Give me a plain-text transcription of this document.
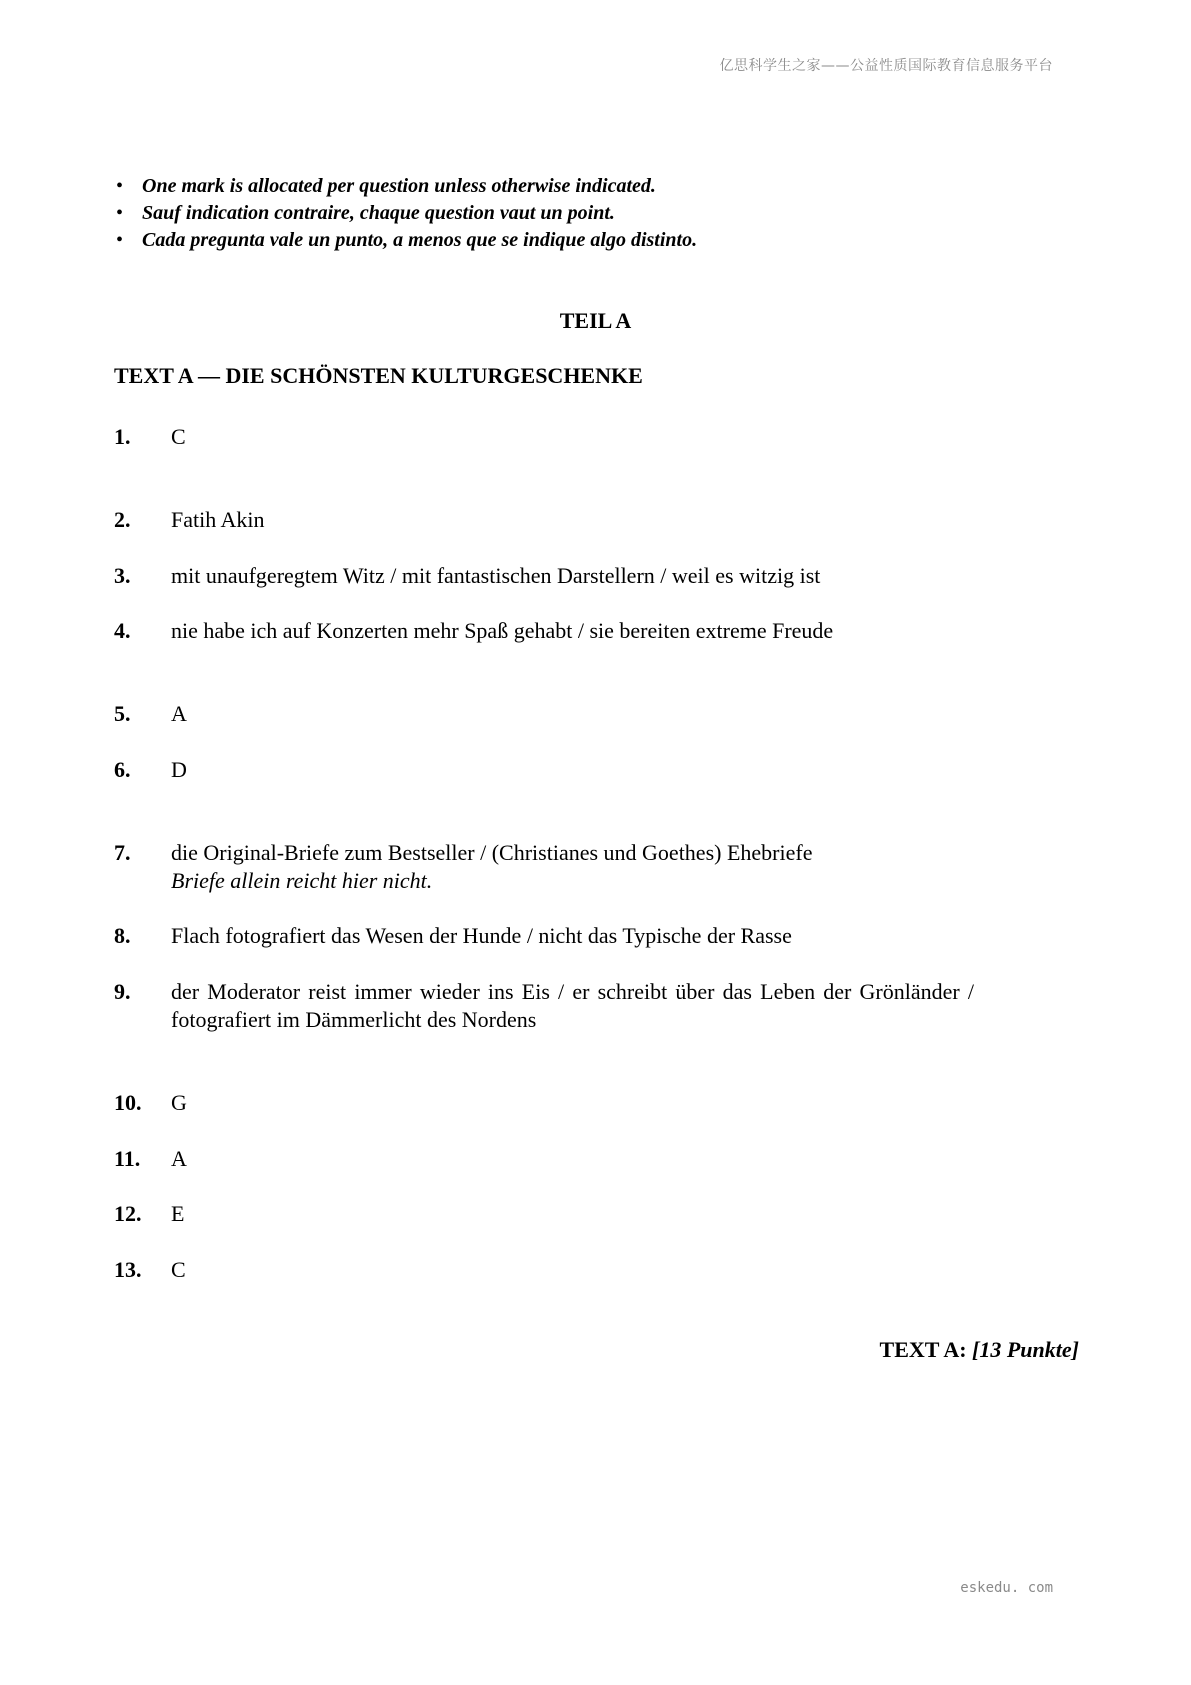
亿思科学生之家——公益性质国际教育信息服务平台
• One mark is allocated per question unless otherwise indicated.
• Sauf indication contraire, chaque question vaut un point.
• Cada pregunta vale un punto, a menos que se indique algo distinto.
TEIL A
TEXT A — DIE SCHÖNSTEN KULTURGESCHENKE
1. C
2. Fatih Akin
3. mit unaufgeregtem Witz / mit fantastischen Darstellern / weil es witzig ist
4. nie habe ich auf Konzerten mehr Spaß gehabt / sie bereiten extreme Freude
5. A
6. D
7. die Original-Briefe zum Bestseller / (Christianes und Goethes) Ehebriefe
Briefe allein reicht hier nicht.
8. Flach fotografiert das Wesen der Hunde / nicht das Typische der Rasse
9. der Moderator reist immer wieder ins Eis / er schreibt über das Leben der Grönländer / fotografiert im Dämmerlicht des Nordens
10. G
11. A
12. E
13. C
TEXT A: [13 Punkte]
eskedu. com
